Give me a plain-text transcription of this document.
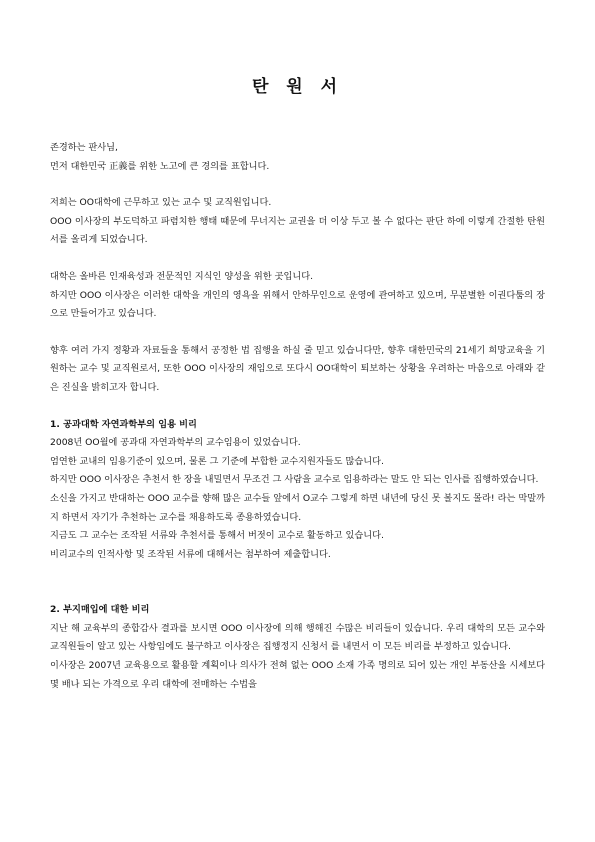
탄 원 서

존경하는 판사님,

먼저 대한민국 正義를 위한 노고에 큰 경의를 표합니다.

저희는 OO대학에 근무하고 있는 교수 및 교직원입니다.

OOO 이사장의 부도덕하고 파렴치한 행태 때문에 무너지는 교권을 더 이상 두고 볼 수 없다는 판단 하에 이렇게 간절한 탄원서를 올리게 되었습니다.

대학은 올바른 인재육성과 전문적인 지식인 양성을 위한 곳입니다.

하지만 OOO 이사장은 이러한 대학을 개인의 영욕을 위해서 안하무인으로 운영에 관여하고 있으며, 무분별한 이권다툼의 장으로 만들어가고 있습니다.

향후 여러 가지 정황과 자료들을 통해서 공정한 법 집행을 하실 줄 믿고 있습니다만, 향후 대한민국의 21세기 희망교육을 기원하는 교수 및 교직원로서, 또한 OOO 이사장의 재임으로 또다시 OO대학이 퇴보하는 상황을 우려하는 마음으로 아래와 같은 진실을 밝히고자 합니다.

1. 공과대학 자연과학부의 임용 비리

2008년 OO월에 공과대 자연과학부의 교수임용이 있었습니다.

엄연한 교내의 임용기준이 있으며, 물론 그 기준에 부합한 교수지원자들도 많습니다.

하지만 OOO 이사장은 추천서 한 장을 내밀면서 무조건 그 사람을 교수로 임용하라는 말도 안 되는 인사를 집행하였습니다.

소신을 가지고 반대하는 OOO 교수를 향해 많은 교수들 앞에서 O교수 그렇게 하면 내년에 당신 못 볼지도 몰라! 라는 막말까지 하면서 자기가 추천하는 교수를 채용하도록 종용하였습니다.

지금도 그 교수는 조작된 서류와 추천서를 통해서 버젓이 교수로 활동하고 있습니다.

비리교수의 인적사항 및 조작된 서류에 대해서는 첨부하여 제출합니다.

2. 부지매입에 대한 비리

지난 해 교육부의 종합감사 결과를 보시면 OOO 이사장에 의해 행해진 수많은 비리들이 있습니다. 우리 대학의 모든 교수와 교직원들이 알고 있는 사항임에도 불구하고 이사장은 집행정지 신청서 를 내면서 이 모든 비리를 부정하고 있습니다.

이사장은 2007년 교육용으로 활용할 계획이나 의사가 전혀 없는 OOO 소재 가족 명의로 되어 있는 개인 부동산을 시세보다 몇 배나 되는 가격으로 우리 대학에 전매하는 수법을
